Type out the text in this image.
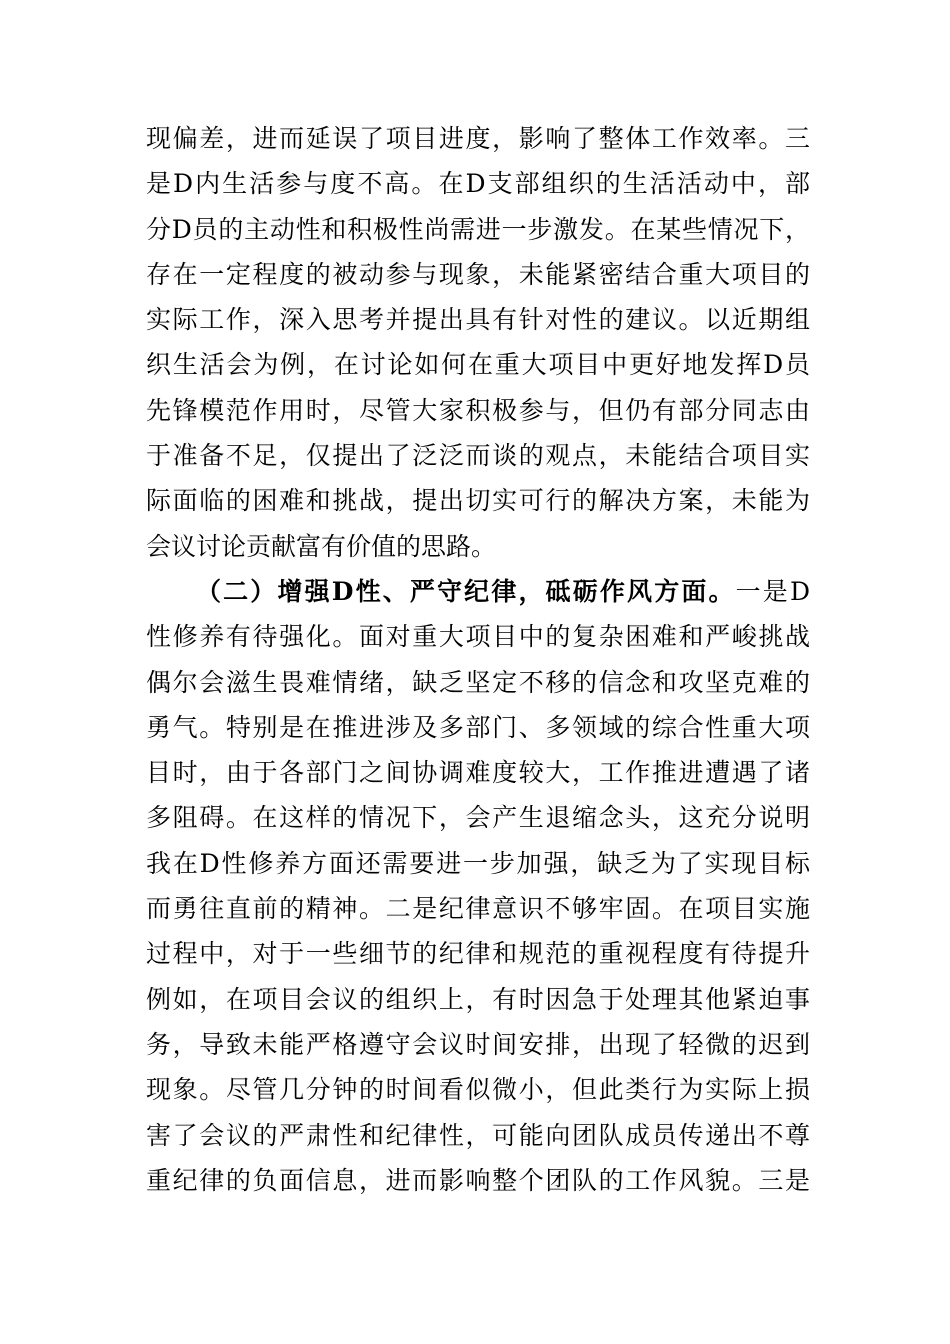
现偏差，进而延误了项目进度，影响了整体工作效率。三
是D内生活参与度不高。在D支部组织的生活活动中，部
分D员的主动性和积极性尚需进一步激发。在某些情况下，
存在一定程度的被动参与现象，未能紧密结合重大项目的
实际工作，深入思考并提出具有针对性的建议。以近期组
织生活会为例，在讨论如何在重大项目中更好地发挥D员
先锋模范作用时，尽管大家积极参与，但仍有部分同志由
于准备不足，仅提出了泛泛而谈的观点，未能结合项目实
际面临的困难和挑战，提出切实可行的解决方案，未能为
会议讨论贡献富有价值的思路。
（二）增强D性、严守纪律，砥砺作风方面。一是D
性修养有待强化。面对重大项目中的复杂困难和严峻挑战
偶尔会滋生畏难情绪，缺乏坚定不移的信念和攻坚克难的
勇气。特别是在推进涉及多部门、多领域的综合性重大项
目时，由于各部门之间协调难度较大，工作推进遭遇了诸
多阻碍。在这样的情况下，会产生退缩念头，这充分说明
我在D性修养方面还需要进一步加强，缺乏为了实现目标
而勇往直前的精神。二是纪律意识不够牢固。在项目实施
过程中，对于一些细节的纪律和规范的重视程度有待提升
例如，在项目会议的组织上，有时因急于处理其他紧迫事
务，导致未能严格遵守会议时间安排，出现了轻微的迟到
现象。尽管几分钟的时间看似微小，但此类行为实际上损
害了会议的严肃性和纪律性，可能向团队成员传递出不尊
重纪律的负面信息，进而影响整个团队的工作风貌。三是
